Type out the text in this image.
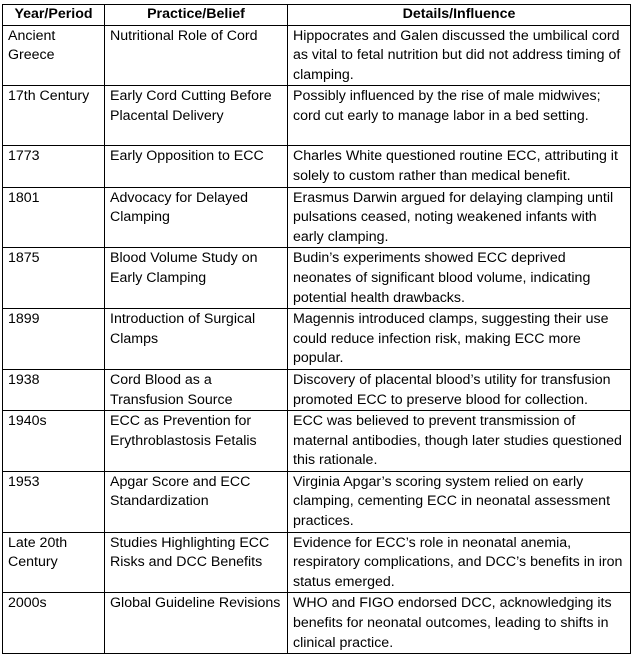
Year/Period	Practice/Belief	Details/Influence
Ancient Greece	Nutritional Role of Cord	Hippocrates and Galen discussed the umbilical cord as vital to fetal nutrition but did not address timing of clamping.
17th Century	Early Cord Cutting Before Placental Delivery	Possibly influenced by the rise of male midwives; cord cut early to manage labor in a bed setting.
1773	Early Opposition to ECC	Charles White questioned routine ECC, attributing it solely to custom rather than medical benefit.
1801	Advocacy for Delayed Clamping	Erasmus Darwin argued for delaying clamping until pulsations ceased, noting weakened infants with early clamping.
1875	Blood Volume Study on Early Clamping	Budin’s experiments showed ECC deprived neonates of significant blood volume, indicating potential health drawbacks.
1899	Introduction of Surgical Clamps	Magennis introduced clamps, suggesting their use could reduce infection risk, making ECC more popular.
1938	Cord Blood as a Transfusion Source	Discovery of placental blood’s utility for transfusion promoted ECC to preserve blood for collection.
1940s	ECC as Prevention for Erythroblastosis Fetalis	ECC was believed to prevent transmission of maternal antibodies, though later studies questioned this rationale.
1953	Apgar Score and ECC Standardization	Virginia Apgar’s scoring system relied on early clamping, cementing ECC in neonatal assessment practices.
Late 20th Century	Studies Highlighting ECC Risks and DCC Benefits	Evidence for ECC’s role in neonatal anemia, respiratory complications, and DCC’s benefits in iron status emerged.
2000s	Global Guideline Revisions	WHO and FIGO endorsed DCC, acknowledging its benefits for neonatal outcomes, leading to shifts in clinical practice.
